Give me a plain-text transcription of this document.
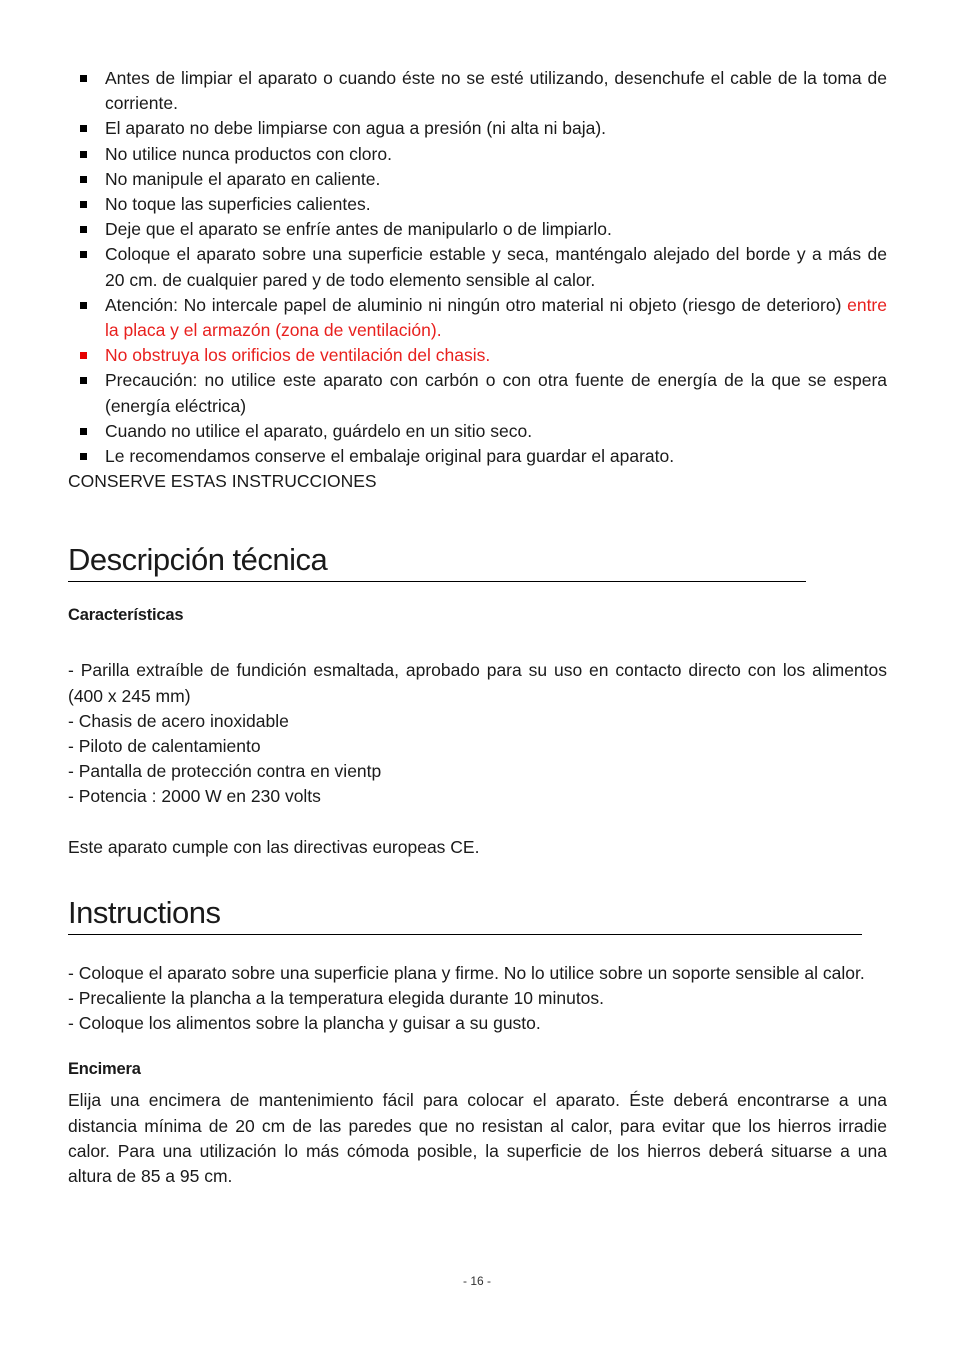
Antes de limpiar el aparato o cuando éste no se esté utilizando, desenchufe el cable de la toma de corriente.
El aparato no debe limpiarse con agua a presión (ni alta ni baja).
No utilice nunca productos con cloro.
No manipule el aparato en caliente.
No toque las superficies calientes.
Deje que el aparato se enfríe antes de manipularlo o de limpiarlo.
Coloque el aparato sobre una superficie estable y seca, manténgalo alejado del borde y a más de 20 cm. de cualquier pared y de todo elemento sensible al calor.
Atención: No intercale papel de aluminio ni ningún otro material ni objeto (riesgo de deterioro) entre la placa y el armazón (zona de ventilación).
No obstruya los orificios de ventilación del chasis.
Precaución: no utilice este aparato con carbón o con otra fuente de energía de la que se espera (energía eléctrica)
Cuando no utilice el aparato, guárdelo en un sitio seco.
Le recomendamos conserve el embalaje original para guardar el aparato.

CONSERVE ESTAS INSTRUCCIONES

Descripción técnica
Características

- Parilla extraíble de fundición esmaltada, aprobado para su uso en contacto directo con los alimentos (400 x 245 mm)

- Chasis de acero inoxidable

- Piloto de calentamiento

- Pantalla de protección contra en vientp

- Potencia : 2000 W en 230 volts

Este aparato cumple con las directivas europeas CE.

Instructions

- Coloque el aparato sobre una superficie plana y firme. No lo utilice sobre un soporte sensible al calor.

- Precaliente la plancha a la temperatura elegida durante 10 minutos.

- Coloque los alimentos sobre la plancha y guisar a su gusto.

Encimera

Elija una encimera de mantenimiento fácil para colocar el aparato. Éste deberá encontrarse a una distancia mínima de 20 cm de las paredes que no resistan al calor, para evitar que los hierros irradie calor. Para una utilización lo más cómoda posible, la superficie de los hierros deberá situarse a una altura de 85 a 95 cm.

- 16 -
